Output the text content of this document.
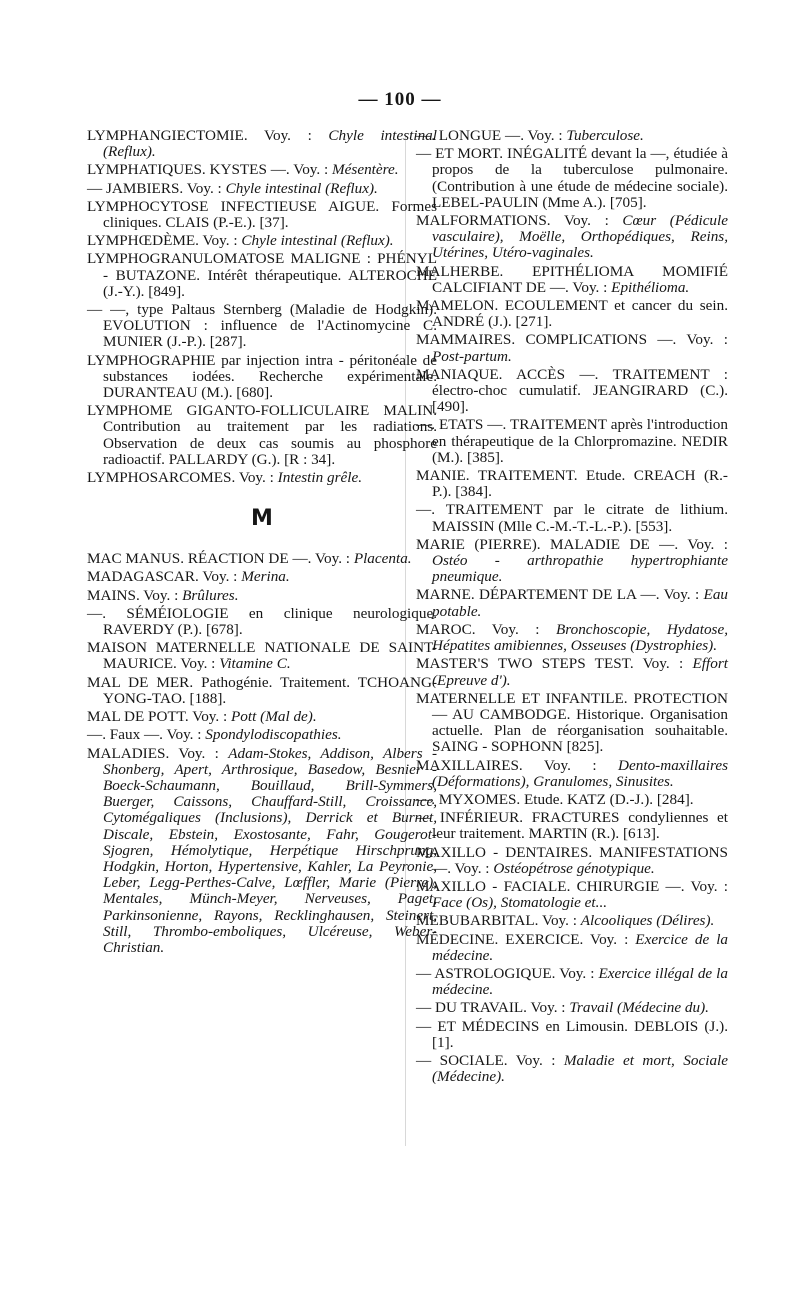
— 100 —

LYMPHANGIECTOMIE. Voy. : Chyle intestinal (Reflux).

LYMPHATIQUES. KYSTES —. Voy. : Mésentère.

— JAMBIERS. Voy. : Chyle intestinal (Reflux).

LYMPHOCYTOSE INFECTIEUSE AIGUE. Formes cliniques. CLAIS (P.-E.). [37].

LYMPHŒDÈME. Voy. : Chyle intestinal (Reflux).

LYMPHOGRANULOMATOSE MALIGNE : PHÉNYL - BUTAZONE. Intérêt thérapeutique. ALTEROCHE (J.-Y.). [849].

— —, type Paltaus Sternberg (Maladie de Hodgkin). EVOLUTION : influence de l'Actinomycine C. MUNIER (J.-P.). [287].

LYMPHOGRAPHIE par injection intra - péritonéale de substances iodées. Recherche expérimentale. DURANTEAU (M.). [680].

LYMPHOME GIGANTO-FOLLICULAIRE MALIN. Contribution au traitement par les radiations. Observation de deux cas soumis au phosphore radioactif. PALLARDY (G.). [R : 34].

LYMPHOSARCOMES. Voy. : Intestin grêle.

M

MAC MANUS. RÉACTION DE —. Voy. : Placenta.

MADAGASCAR. Voy. : Merina.

MAINS. Voy. : Brûlures.

—. SÉMÉIOLOGIE en clinique neurologique. RAVERDY (P.). [678].

MAISON MATERNELLE NATIONALE DE SAINT-MAURICE. Voy. : Vitamine C.

MAL DE MER. Pathogénie. Traitement. TCHOANG-YONG-TAO. [188].

MAL DE POTT. Voy. : Pott (Mal de).

—. Faux —. Voy. : Spondylodiscopathies.

MALADIES. Voy. : Adam-Stokes, Addison, Albers - Shonberg, Apert, Arthrosique, Basedow, Besnier - Boeck-Schaumann, Bouillaud, Brill-Symmers, Buerger, Caissons, Chauffard-Still, Croissance, Cytomégaliques (Inclusions), Derrick et Burnet, Discale, Ebstein, Exostosante, Fahr, Gougerot-Sjogren, Hémolytique, Herpétique Hirschprung, Hodgkin, Horton, Hypertensive, Kahler, La Peyronie, Leber, Legg-Perthes-Calve, Lœffler, Marie (Pierre), Mentales, Münch-Meyer, Nerveuses, Paget, Parkinsonienne, Rayons, Recklinghausen, Steinert, Still, Thrombo-emboliques, Ulcéreuse, Weber-Christian.

—. LONGUE —. Voy. : Tuberculose.

— ET MORT. INÉGALITÉ devant la —, étudiée à propos de la tuberculose pulmonaire. (Contribution à une étude de médecine sociale). LEBEL-PAULIN (Mme A.). [705].

MALFORMATIONS. Voy. : Cœur (Pédicule vasculaire), Moëlle, Orthopédiques, Reins, Utérines, Utéro-vaginales.

MALHERBE. EPITHÉLIOMA MOMIFIÉ CALCIFIANT DE —. Voy. : Epithélioma.

MAMELON. ECOULEMENT et cancer du sein. ANDRÉ (J.). [271].

MAMMAIRES. COMPLICATIONS —. Voy. : Post-partum.

MANIAQUE. ACCÈS —. TRAITEMENT : électro-choc cumulatif. JEANGIRARD (C.). [490].

—. ETATS —. TRAITEMENT après l'introduction en thérapeutique de la Chlorpromazine. NEDIR (M.). [385].

MANIE. TRAITEMENT. Etude. CREACH (R.-P.). [384].

—. TRAITEMENT par le citrate de lithium. MAISSIN (Mlle C.-M.-T.-L.-P.). [553].

MARIE (PIERRE). MALADIE DE —. Voy. : Ostéo - arthropathie hypertrophiante pneumique.

MARNE. DÉPARTEMENT DE LA —. Voy. : Eau potable.

MAROC. Voy. : Bronchoscopie, Hydatose, Hépatites amibiennes, Osseuses (Dystrophies).

MASTER'S TWO STEPS TEST. Voy. : Effort (Epreuve d').

MATERNELLE ET INFANTILE. PROTECTION — AU CAMBODGE. Historique. Organisation actuelle. Plan de réorganisation souhaitable. SAING - SOPHONN [825].

MAXILLAIRES. Voy. : Dento-maxillaires (Déformations), Granulomes, Sinusites.

—. MYXOMES. Etude. KATZ (D.-J.). [284].

— INFÉRIEUR. FRACTURES condyliennes et leur traitement. MARTIN (R.). [613].

MAXILLO - DENTAIRES. MANIFESTATIONS —. Voy. : Ostéopétrose génotypique.

MAXILLO - FACIALE. CHIRURGIE —. Voy. : Face (Os), Stomatologie et...

MEBUBARBITAL. Voy. : Alcooliques (Délires).

MÉDECINE. EXERCICE. Voy. : Exercice de la médecine.

— ASTROLOGIQUE. Voy. : Exercice illégal de la médecine.

— DU TRAVAIL. Voy. : Travail (Médecine du).

— ET MÉDECINS en Limousin. DEBLOIS (J.). [1].

— SOCIALE. Voy. : Maladie et mort, Sociale (Médecine).
